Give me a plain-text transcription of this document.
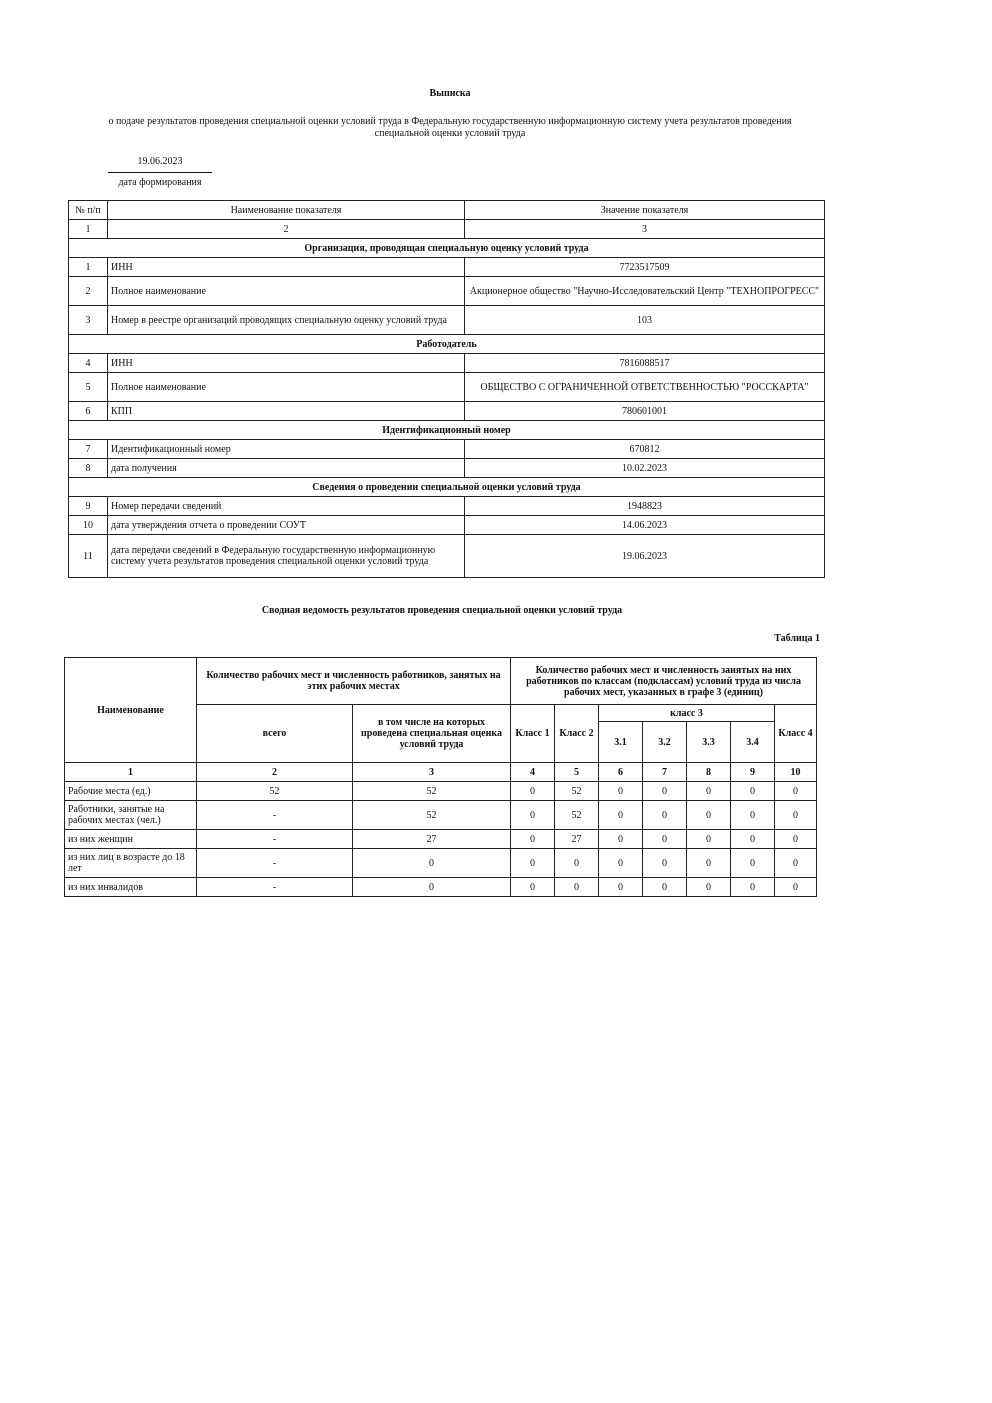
Выписка
о подаче результатов проведения специальной оценки условий труда в Федеральную государственную информационную систему учета результатов проведения специальной оценки условий труда
19.06.2023
дата формирования
№ п/п	Наименование показателя	Значение показателя
1	2	3
Организация, проводящая специальную оценку условий труда		
1	ИНН	7723517509
2	Полное наименование	Акционерное общество "Научно-Исследовательский Центр "ТЕХНОПРОГРЕСС"
3	Номер в реестре организаций проводящих специальную оценку условий труда	103
Работодатель		
4	ИНН	7816088517
5	Полное наименование	ОБЩЕСТВО С ОГРАНИЧЕННОЙ ОТВЕТСТВЕННОСТЬЮ "РОССКАРТА"
6	КПП	780601001
Идентификационный номер		
7	Идентификационный номер	670812
8	дата получения	10.02.2023
Сведения о проведении специальной оценки условий труда		
9	Номер передачи сведений	1948823
10	дата утверждения отчета о проведении СОУТ	14.06.2023
11	дата передачи сведений в Федеральную государственную информационную систему учета результатов проведения специальной оценки условий труда	19.06.2023
Сводная ведомость результатов проведения специальной оценки условий труда
Таблица 1
Наименование	Количество рабочих мест и численность работников, занятых на этих рабочих местах		Количество рабочих мест и численность занятых на них работников по классам (подклассам) условий труда из числа рабочих мест, указанных в графе 3 (единиц)						
	всего	в том числе на которых проведена специальная оценка условий труда	Класс 1	Класс 2	класс 3				Класс 4
					3.1	3.2	3.3	3.4	
1	2	3	4	5	6	7	8	9	10
Рабочие места (ед.)	52	52	0	52	0	0	0	0	0
Работники, занятые на рабочих местах (чел.)	-	52	0	52	0	0	0	0	0
из них женщин	-	27	0	27	0	0	0	0	0
из них лиц в возрасте до 18 лет	-	0	0	0	0	0	0	0	0
из них инвалидов	-	0	0	0	0	0	0	0	0
